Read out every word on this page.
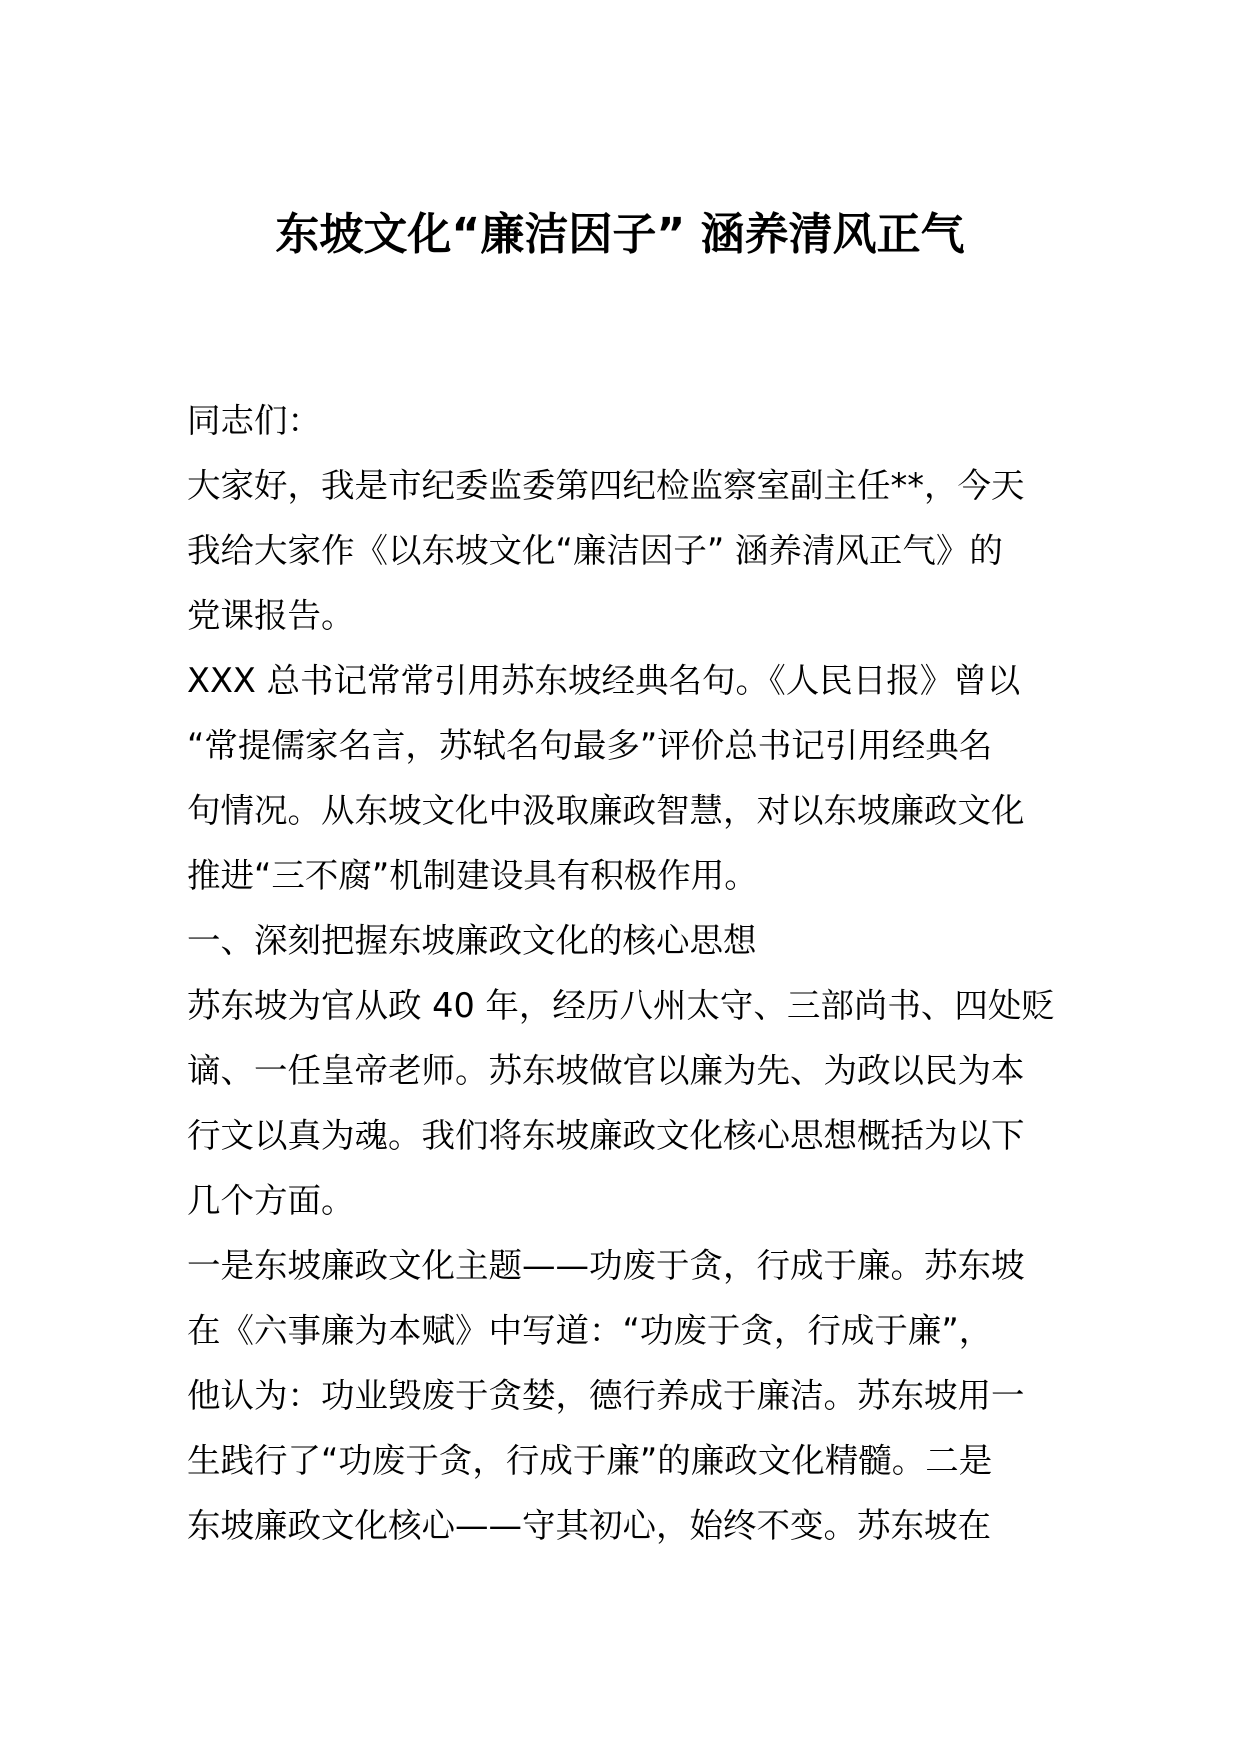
东坡文化“廉洁因子” 涵养清风正气
同志们：
大家好，我是市纪委监委第四纪检监察室副主任**，今天
我给大家作《以东坡文化“廉洁因子” 涵养清风正气》的
党课报告。
XXX 总书记常常引用苏东坡经典名句。《人民日报》曾以
“常提儒家名言，苏轼名句最多”评价总书记引用经典名
句情况。从东坡文化中汲取廉政智慧，对以东坡廉政文化
推进“三不腐”机制建设具有积极作用。
一、深刻把握东坡廉政文化的核心思想
苏东坡为官从政 40 年，经历八州太守、三部尚书、四处贬
谪、一任皇帝老师。苏东坡做官以廉为先、为政以民为本
行文以真为魂。我们将东坡廉政文化核心思想概括为以下
几个方面。
一是东坡廉政文化主题——功废于贪，行成于廉。苏东坡
在《六事廉为本赋》中写道：“功废于贪，行成于廉”，
他认为：功业毁废于贪婪，德行养成于廉洁。苏东坡用一
生践行了“功废于贪，行成于廉”的廉政文化精髓。二是
东坡廉政文化核心——守其初心，始终不变。苏东坡在
